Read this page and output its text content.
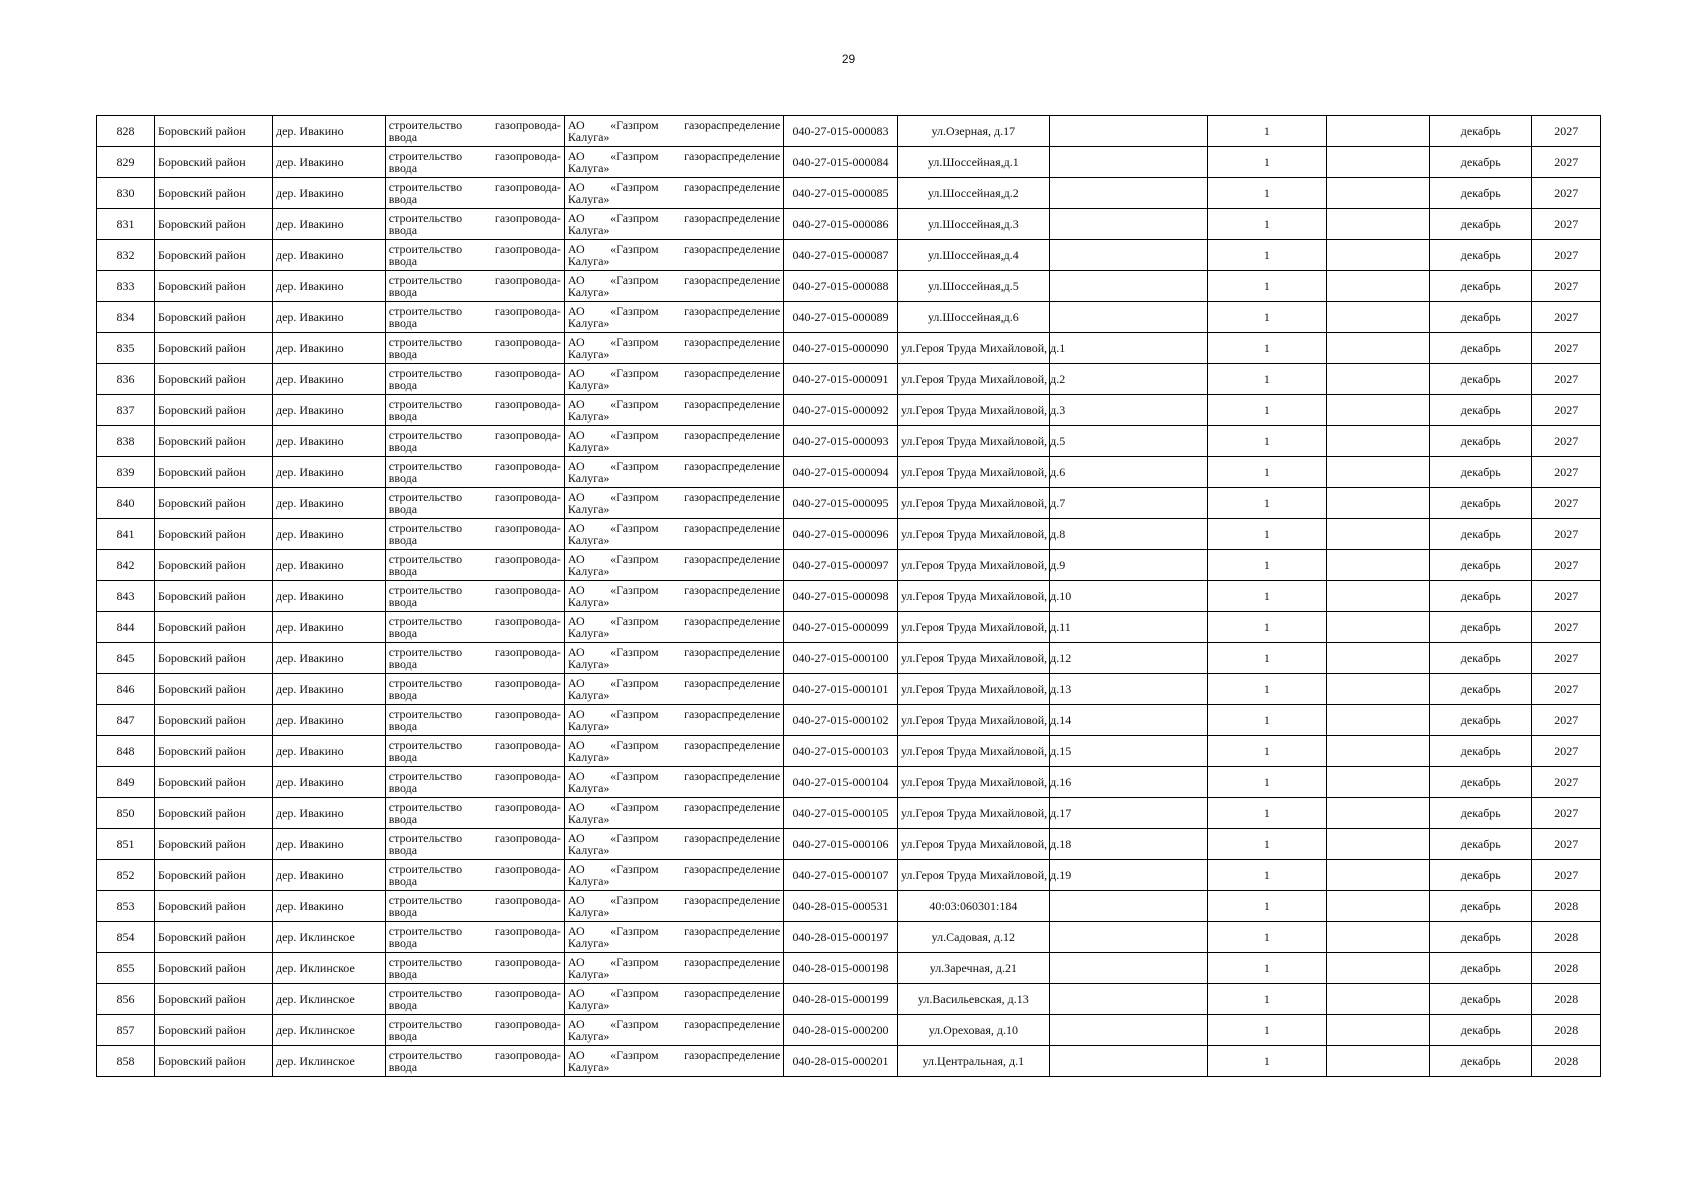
29
828	Боровский район	дер. Ивакино	строительство газопровода-
ввода	АО «Газпром газораспределение
Калуга»	040-27-015-000083	ул.Озерная, д.17		1		декабрь	2027
829	Боровский район	дер. Ивакино	строительство газопровода-
ввода	АО «Газпром газораспределение
Калуга»	040-27-015-000084	ул.Шоссейная,д.1		1		декабрь	2027
830	Боровский район	дер. Ивакино	строительство газопровода-
ввода	АО «Газпром газораспределение
Калуга»	040-27-015-000085	ул.Шоссейная,д.2		1		декабрь	2027
831	Боровский район	дер. Ивакино	строительство газопровода-
ввода	АО «Газпром газораспределение
Калуга»	040-27-015-000086	ул.Шоссейная,д.3		1		декабрь	2027
832	Боровский район	дер. Ивакино	строительство газопровода-
ввода	АО «Газпром газораспределение
Калуга»	040-27-015-000087	ул.Шоссейная,д.4		1		декабрь	2027
833	Боровский район	дер. Ивакино	строительство газопровода-
ввода	АО «Газпром газораспределение
Калуга»	040-27-015-000088	ул.Шоссейная,д.5		1		декабрь	2027
834	Боровский район	дер. Ивакино	строительство газопровода-
ввода	АО «Газпром газораспределение
Калуга»	040-27-015-000089	ул.Шоссейная,д.6		1		декабрь	2027
835	Боровский район	дер. Ивакино	строительство газопровода-
ввода	АО «Газпром газораспределение
Калуга»	040-27-015-000090	ул.Героя Труда Михайловой, д.1		1		декабрь	2027
836	Боровский район	дер. Ивакино	строительство газопровода-
ввода	АО «Газпром газораспределение
Калуга»	040-27-015-000091	ул.Героя Труда Михайловой, д.2		1		декабрь	2027
837	Боровский район	дер. Ивакино	строительство газопровода-
ввода	АО «Газпром газораспределение
Калуга»	040-27-015-000092	ул.Героя Труда Михайловой, д.3		1		декабрь	2027
838	Боровский район	дер. Ивакино	строительство газопровода-
ввода	АО «Газпром газораспределение
Калуга»	040-27-015-000093	ул.Героя Труда Михайловой, д.5		1		декабрь	2027
839	Боровский район	дер. Ивакино	строительство газопровода-
ввода	АО «Газпром газораспределение
Калуга»	040-27-015-000094	ул.Героя Труда Михайловой, д.6		1		декабрь	2027
840	Боровский район	дер. Ивакино	строительство газопровода-
ввода	АО «Газпром газораспределение
Калуга»	040-27-015-000095	ул.Героя Труда Михайловой, д.7		1		декабрь	2027
841	Боровский район	дер. Ивакино	строительство газопровода-
ввода	АО «Газпром газораспределение
Калуга»	040-27-015-000096	ул.Героя Труда Михайловой, д.8		1		декабрь	2027
842	Боровский район	дер. Ивакино	строительство газопровода-
ввода	АО «Газпром газораспределение
Калуга»	040-27-015-000097	ул.Героя Труда Михайловой, д.9		1		декабрь	2027
843	Боровский район	дер. Ивакино	строительство газопровода-
ввода	АО «Газпром газораспределение
Калуга»	040-27-015-000098	ул.Героя Труда Михайловой, д.10		1		декабрь	2027
844	Боровский район	дер. Ивакино	строительство газопровода-
ввода	АО «Газпром газораспределение
Калуга»	040-27-015-000099	ул.Героя Труда Михайловой, д.11		1		декабрь	2027
845	Боровский район	дер. Ивакино	строительство газопровода-
ввода	АО «Газпром газораспределение
Калуга»	040-27-015-000100	ул.Героя Труда Михайловой, д.12		1		декабрь	2027
846	Боровский район	дер. Ивакино	строительство газопровода-
ввода	АО «Газпром газораспределение
Калуга»	040-27-015-000101	ул.Героя Труда Михайловой, д.13		1		декабрь	2027
847	Боровский район	дер. Ивакино	строительство газопровода-
ввода	АО «Газпром газораспределение
Калуга»	040-27-015-000102	ул.Героя Труда Михайловой, д.14		1		декабрь	2027
848	Боровский район	дер. Ивакино	строительство газопровода-
ввода	АО «Газпром газораспределение
Калуга»	040-27-015-000103	ул.Героя Труда Михайловой, д.15		1		декабрь	2027
849	Боровский район	дер. Ивакино	строительство газопровода-
ввода	АО «Газпром газораспределение
Калуга»	040-27-015-000104	ул.Героя Труда Михайловой, д.16		1		декабрь	2027
850	Боровский район	дер. Ивакино	строительство газопровода-
ввода	АО «Газпром газораспределение
Калуга»	040-27-015-000105	ул.Героя Труда Михайловой, д.17		1		декабрь	2027
851	Боровский район	дер. Ивакино	строительство газопровода-
ввода	АО «Газпром газораспределение
Калуга»	040-27-015-000106	ул.Героя Труда Михайловой, д.18		1		декабрь	2027
852	Боровский район	дер. Ивакино	строительство газопровода-
ввода	АО «Газпром газораспределение
Калуга»	040-27-015-000107	ул.Героя Труда Михайловой, д.19		1		декабрь	2027
853	Боровский район	дер. Ивакино	строительство газопровода-
ввода	АО «Газпром газораспределение
Калуга»	040-28-015-000531	40:03:060301:184		1		декабрь	2028
854	Боровский район	дер. Иклинское	строительство газопровода-
ввода	АО «Газпром газораспределение
Калуга»	040-28-015-000197	ул.Садовая, д.12		1		декабрь	2028
855	Боровский район	дер. Иклинское	строительство газопровода-
ввода	АО «Газпром газораспределение
Калуга»	040-28-015-000198	ул.Заречная, д.21		1		декабрь	2028
856	Боровский район	дер. Иклинское	строительство газопровода-
ввода	АО «Газпром газораспределение
Калуга»	040-28-015-000199	ул.Васильевская, д.13		1		декабрь	2028
857	Боровский район	дер. Иклинское	строительство газопровода-
ввода	АО «Газпром газораспределение
Калуга»	040-28-015-000200	ул.Ореховая, д.10		1		декабрь	2028
858	Боровский район	дер. Иклинское	строительство газопровода-
ввода	АО «Газпром газораспределение
Калуга»	040-28-015-000201	ул.Центральная, д.1		1		декабрь	2028
